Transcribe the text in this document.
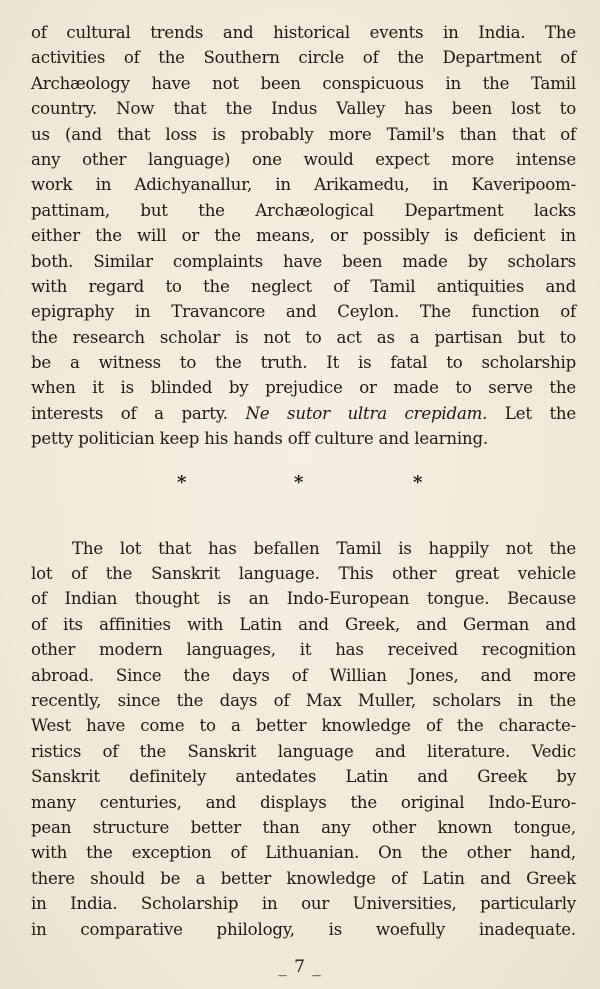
of cultural trends and historical events in India. The
activities of the Southern circle of the Department of
Archæology have not been conspicuous in the Tamil
country. Now that the Indus Valley has been lost to
us (and that loss is probably more Tamil's than that of
any other language) one would expect more intense
work in Adichyanallur, in Arikamedu, in Kaveripoom-
pattinam, but the Archæological Department lacks
either the will or the means, or possibly is deficient in
both. Similar complaints have been made by scholars
with regard to the neglect of Tamil antiquities and
epigraphy in Travancore and Ceylon. The function of
the research scholar is not to act as a partisan but to
be a witness to the truth. It is fatal to scholarship
when it is blinded by prejudice or made to serve the
interests of a party. Ne sutor ultra crepidam. Let the
petty politician keep his hands off culture and learning.
*	*	*
The lot that has befallen Tamil is happily not the
lot of the Sanskrit language. This other great vehicle
of Indian thought is an Indo-European tongue. Because
of its affinities with Latin and Greek, and German and
other modern languages, it has received recognition
abroad. Since the days of Willian Jones, and more
recently, since the days of Max Muller, scholars in the
West have come to a better knowledge of the characte-
ristics of the Sanskrit language and literature. Vedic
Sanskrit definitely antedates Latin and Greek by
many centuries, and displays the original Indo-Euro-
pean structure better than any other known tongue,
with the exception of Lithuanian. On the other hand,
there should be a better knowledge of Latin and Greek
in India. Scholarship in our Universities, particularly
in comparative philology, is woefully inadequate.
_ 7 _
